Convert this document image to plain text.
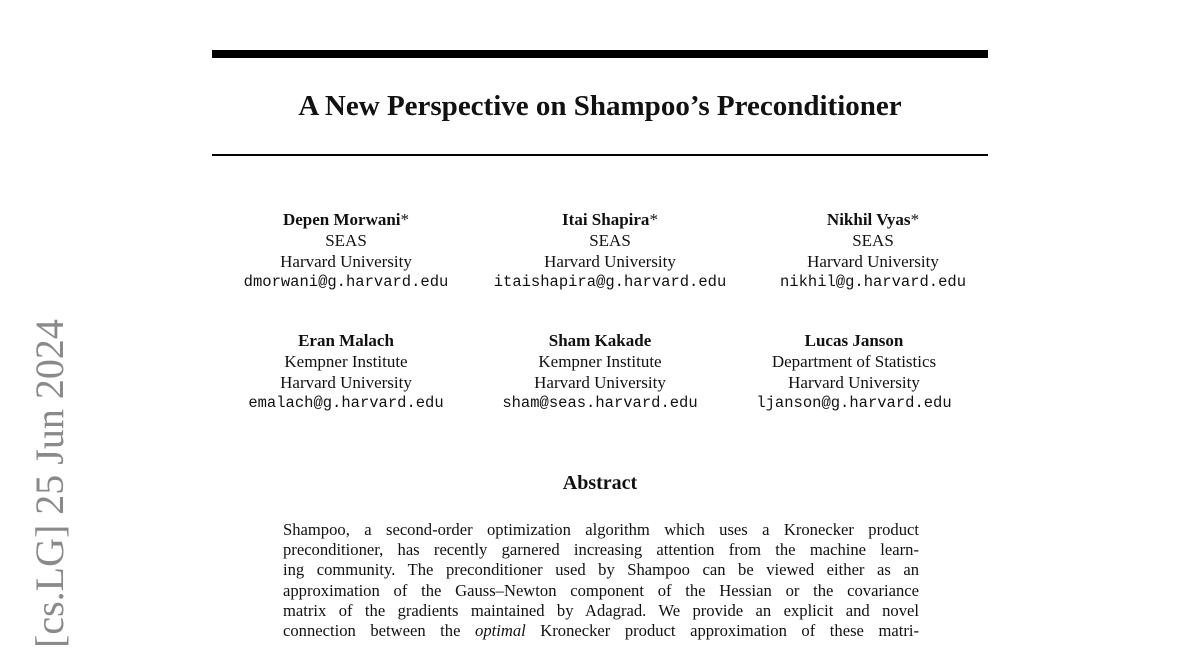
A New Perspective on Shampoo’s Preconditioner
Depen Morwani*
SEAS
Harvard University
dmorwani@g.harvard.edu
Itai Shapira*
SEAS
Harvard University
itaishapira@g.harvard.edu
Nikhil Vyas*
SEAS
Harvard University
nikhil@g.harvard.edu
Eran Malach
Kempner Institute
Harvard University
emalach@g.harvard.edu
Sham Kakade
Kempner Institute
Harvard University
sham@seas.harvard.edu
Lucas Janson
Department of Statistics
Harvard University
ljanson@g.harvard.edu
Abstract

Shampoo, a second-order optimization algorithm which uses a Kronecker product
preconditioner, has recently garnered increasing attention from the machine learn-
ing community. The preconditioner used by Shampoo can be viewed either as an
approximation of the Gauss–Newton component of the Hessian or the covariance
matrix of the gradients maintained by Adagrad. We provide an explicit and novel
connection between the optimal Kronecker product approximation of these matri-

[cs.LG] 25 Jun 2024
